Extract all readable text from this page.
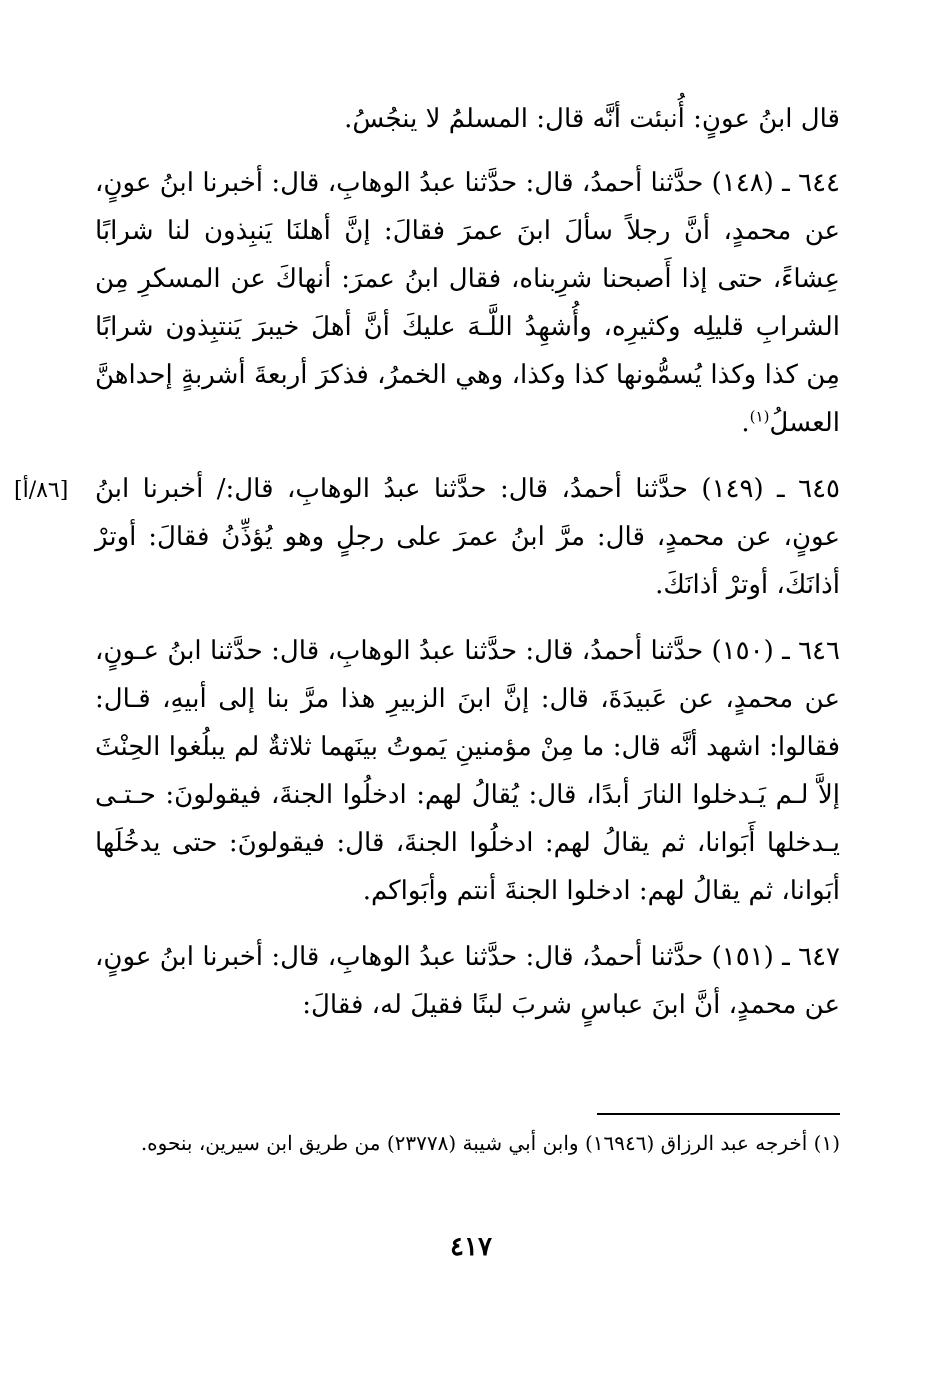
[٨٦/أ]

قال ابنُ عونٍ: أُنبئت أنَّه قال: المسلمُ لا ينجُسُ.

٦٤٤ ـ (١٤٨) حدَّثنا أحمدُ، قال: حدَّثنا عبدُ الوهابِ، قال: أخبرنا ابنُ عونٍ، عن محمدٍ، أنَّ رجلاً سألَ ابنَ عمرَ فقالَ: إنَّ أهلنَا يَنبِذون لنا شرابًا عِشاءً، حتى إذا أَصبحنا شرِبناه، فقال ابنُ عمرَ: أنهاكَ عن المسكرِ مِن الشرابِ قليلِه وكثيرِه، وأُشهِدُ اللَّـهَ عليكَ أنَّ أهلَ خيبرَ يَنتبِذون شرابًا مِن كذا وكذا يُسمُّونها كذا وكذا، وهي الخمرُ، فذكرَ أربعةَ أشربةٍ إحداهنَّ العسلُ$^{(١)}$.

٦٤٥ ـ (١٤٩) حدَّثنا أحمدُ، قال: حدَّثنا عبدُ الوهابِ، قال:/ أخبرنا ابنُ عونٍ، عن محمدٍ، قال: مرَّ ابنُ عمرَ على رجلٍ وهو يُؤذِّنُ فقالَ: أوترْ أذانَكَ، أوترْ أذانَكَ.

٦٤٦ ـ (١٥٠) حدَّثنا أحمدُ، قال: حدَّثنا عبدُ الوهابِ، قال: حدَّثنا ابنُ عـونٍ، عن محمدٍ، عن عَبيدَةَ، قال: إنَّ ابنَ الزبيرِ هذا مرَّ بنا إلى أبيهِ، قـال: فقالوا: اشهد أنَّه قال: ما مِنْ مؤمنينِ يَموتُ بينَهما ثلاثةٌ لم يبلُغوا الحِنْثَ إلاَّ لـم يَـدخلوا النارَ أبدًا، قال: يُقالُ لهم: ادخلُوا الجنةَ، فيقولونَ: حـتـى يـدخلها أَبَوانا، ثم يقالُ لهم: ادخلُوا الجنةَ، قال: فيقولونَ: حتى يدخُلَها أبَوانا، ثم يقالُ لهم: ادخلوا الجنةَ أنتم وأبَواكم.

٦٤٧ ـ (١٥١) حدَّثنا أحمدُ، قال: حدَّثنا عبدُ الوهابِ، قال: أخبرنا ابنُ عونٍ، عن محمدٍ، أنَّ ابنَ عباسٍ شربَ لبنًا فقيلَ له، فقالَ:

(١) أخرجه عبد الرزاق (١٦٩٤٦) وابن أبي شيبة (٢٣٧٧٨) من طريق ابن سيرين، بنحوه.
٤١٧
